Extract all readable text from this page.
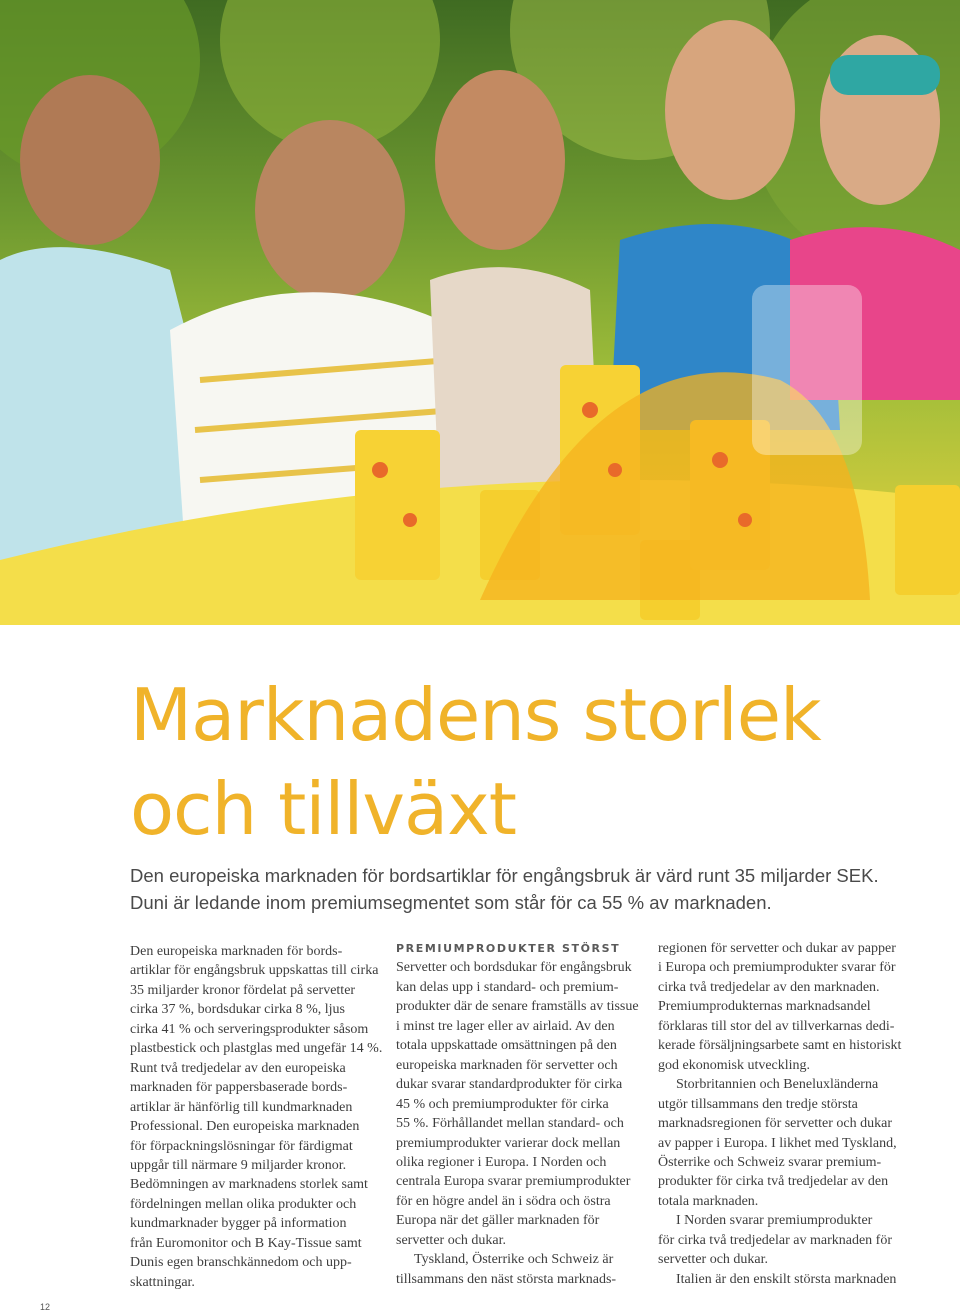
Marknadens storlek
och tillväxt
Den europeiska marknaden för bordsartiklar för engångsbruk är värd runt 35 miljarder SEK.
Duni är ledande inom premiumsegmentet som står för ca 55 % av marknaden.
Den europeiska marknaden för bords-
artiklar för engångsbruk uppskattas till cirka
35 miljarder kronor fördelat på servetter
cirka 37 %, bordsdukar cirka 8 %, ljus
cirka 41 % och serveringsprodukter såsom
plastbestick och plastglas med ungefär 14 %.
Runt två tredjedelar av den europeiska
marknaden för pappersbaserade bords-
artiklar är hänförlig till kundmarknaden
Professional. Den europeiska marknaden
för förpackningslösningar för färdigmat
uppgår till närmare 9 miljarder kronor.
Bedömningen av marknadens storlek samt
fördelningen mellan olika produkter och
kundmarknader bygger på information
från Euromonitor och B Kay-Tissue samt
Dunis egen branschkännedom och upp-
skattningar.
PREMIUMPRODUKTER STÖRST
Servetter och bordsdukar för engångsbruk
kan delas upp i standard- och premium-
produkter där de senare framställs av tissue
i minst tre lager eller av airlaid. Av den
totala uppskattade omsättningen på den
europeiska marknaden för servetter och
dukar svarar standardprodukter för cirka
45 % och premiumprodukter för cirka
55 %. Förhållandet mellan standard- och
premiumprodukter varierar dock mellan
olika regioner i Europa. I Norden och
centrala Europa svarar premiumprodukter
för en högre andel än i södra och östra
Europa när det gäller marknaden för
servetter och dukar.
Tyskland, Österrike och Schweiz är
tillsammans den näst största marknads-
regionen för servetter och dukar av papper
i Europa och premiumprodukter svarar för
cirka två tredjedelar av den marknaden.
Premiumprodukternas marknadsandel
förklaras till stor del av tillverkarnas dedi-
kerade försäljningsarbete samt en historiskt
god ekonomisk utveckling.
Storbritannien och Beneluxländerna
utgör tillsammans den tredje största
marknadsregionen för servetter och dukar
av papper i Europa. I likhet med Tyskland,
Österrike och Schweiz svarar premium-
produkter för cirka två tredjedelar av den
totala marknaden.
I Norden svarar premiumprodukter
för cirka två tredjedelar av marknaden för
servetter och dukar.
Italien är den enskilt största marknaden
12
